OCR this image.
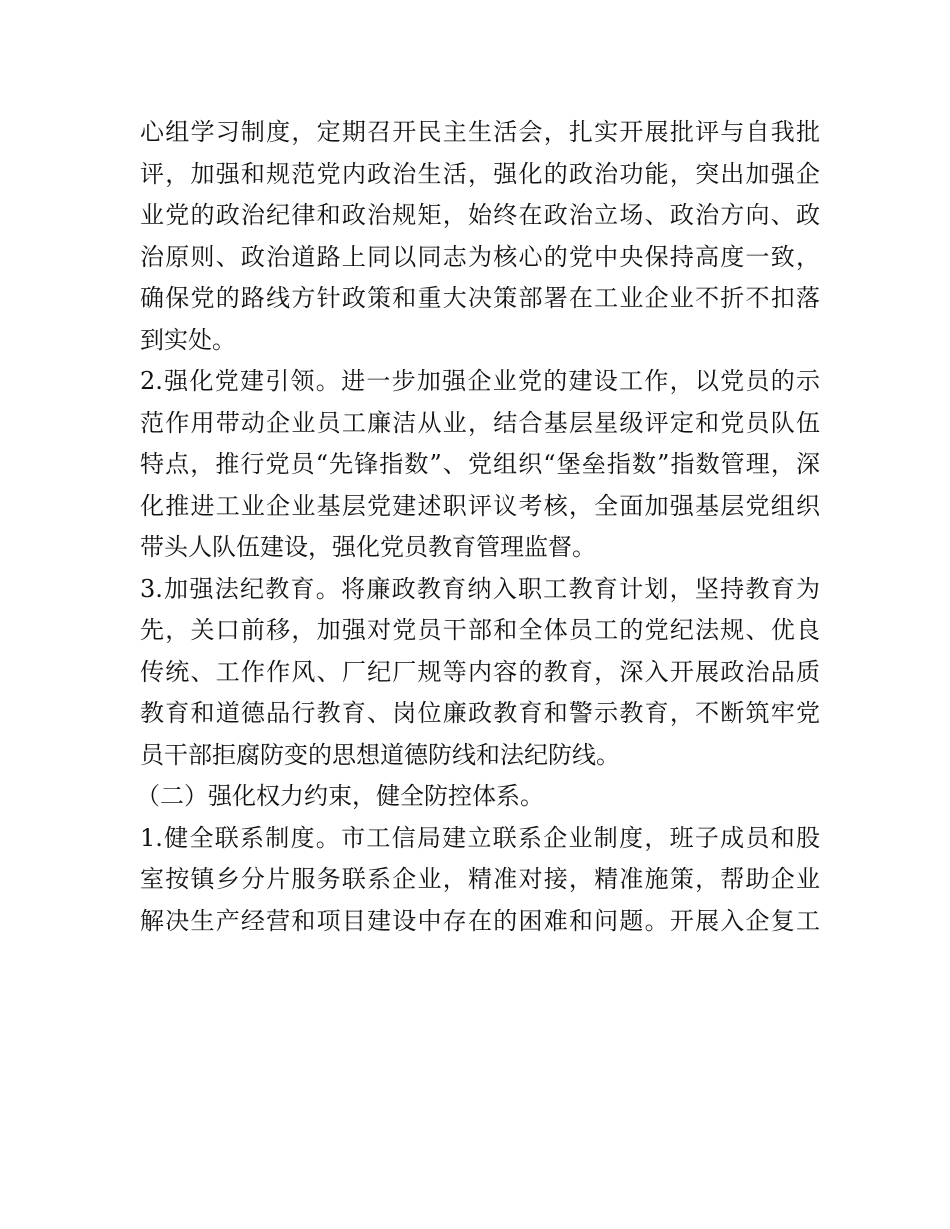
心组学习制度，定期召开民主生活会，扎实开展批评与自我批
评，加强和规范党内政治生活，强化的政治功能，突出加强企
业党的政治纪律和政治规矩，始终在政治立场、政治方向、政
治原则、政治道路上同以同志为核心的党中央保持高度一致，
确保党的路线方针政策和重大决策部署在工业企业不折不扣落
到实处。
2.强化党建引领。进一步加强企业党的建设工作，以党员的示
范作用带动企业员工廉洁从业，结合基层星级评定和党员队伍
特点，推行党员“先锋指数”、党组织“堡垒指数”指数管理，深
化推进工业企业基层党建述职评议考核，全面加强基层党组织
带头人队伍建设，强化党员教育管理监督。
3.加强法纪教育。将廉政教育纳入职工教育计划，坚持教育为
先，关口前移，加强对党员干部和全体员工的党纪法规、优良
传统、工作作风、厂纪厂规等内容的教育，深入开展政治品质
教育和道德品行教育、岗位廉政教育和警示教育，不断筑牢党
员干部拒腐防变的思想道德防线和法纪防线。
（二）强化权力约束，健全防控体系。
1.健全联系制度。市工信局建立联系企业制度，班子成员和股
室按镇乡分片服务联系企业，精准对接，精准施策，帮助企业
解决生产经营和项目建设中存在的困难和问题。开展入企复工
